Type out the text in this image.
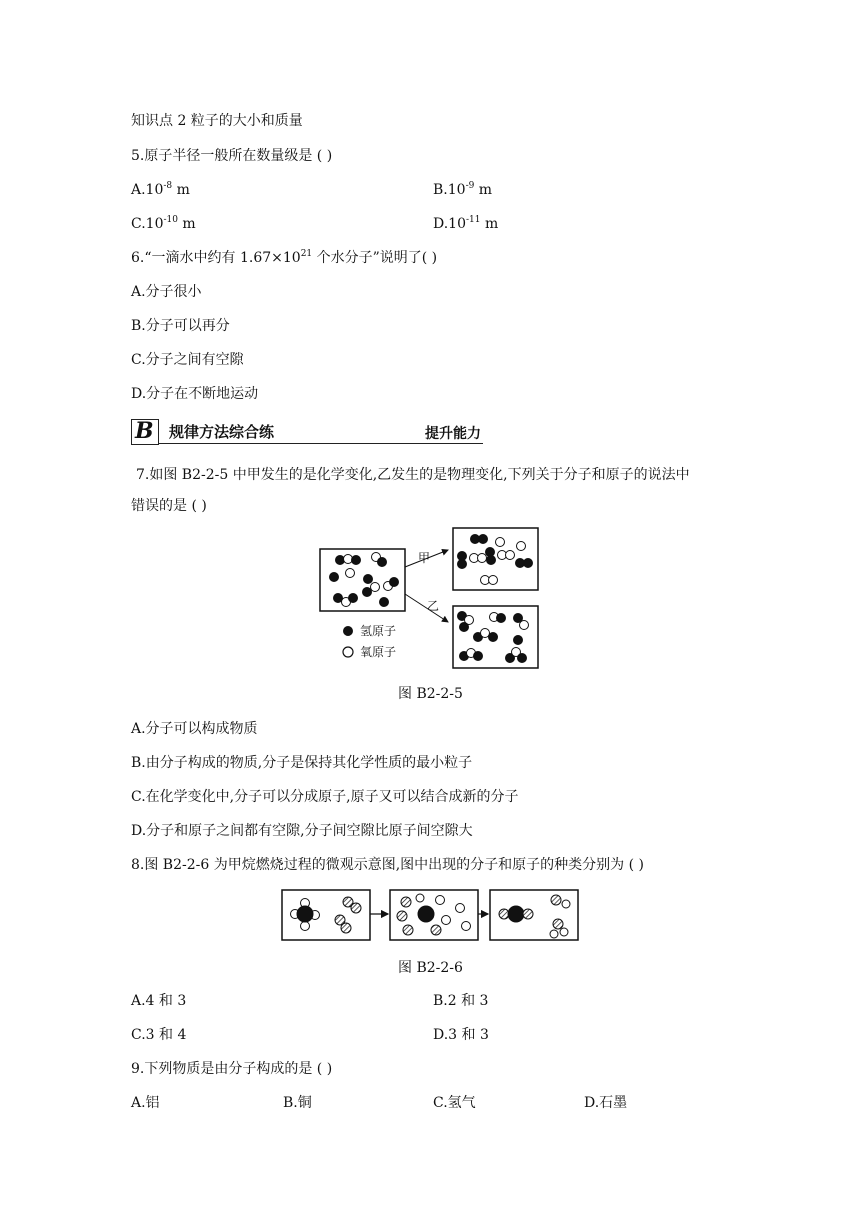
知识点 2 粒子的大小和质量
5.原子半径一般所在数量级是 ( )
$A.10^{-8}$ m	$B.10^{-9}$ m
$C.10^{-10}$ m	$D.10^{-11}$ m
6.“一滴水中约有 $1.67\times 10^{21}$ 个水分子”说明了( )
A.分子很小
B.分子可以再分
C.分子之间有空隙
D.分子在不断地运动
B 规律方法综合练	提升能力
7.如图 B2-2-5 中甲发生的是化学变化,乙发生的是物理变化,下列关于分子和原子的说法中
错误的是 ( )
甲
乙
氢原子
氧原子
图 B2-2-5
A.分子可以构成物质
B.由分子构成的物质,分子是保持其化学性质的最小粒子
C.在化学变化中,分子可以分成原子,原子又可以结合成新的分子
D.分子和原子之间都有空隙,分子间空隙比原子间空隙大
8.图 B2-2-6 为甲烷燃烧过程的微观示意图,图中出现的分子和原子的种类分别为 ( )
图 B2-2-6
A.4 和 3	B.2 和 3
C.3 和 4	D.3 和 3
9.下列物质是由分子构成的是 ( )
A.铝	B.铜	C.氢气	D.石墨
